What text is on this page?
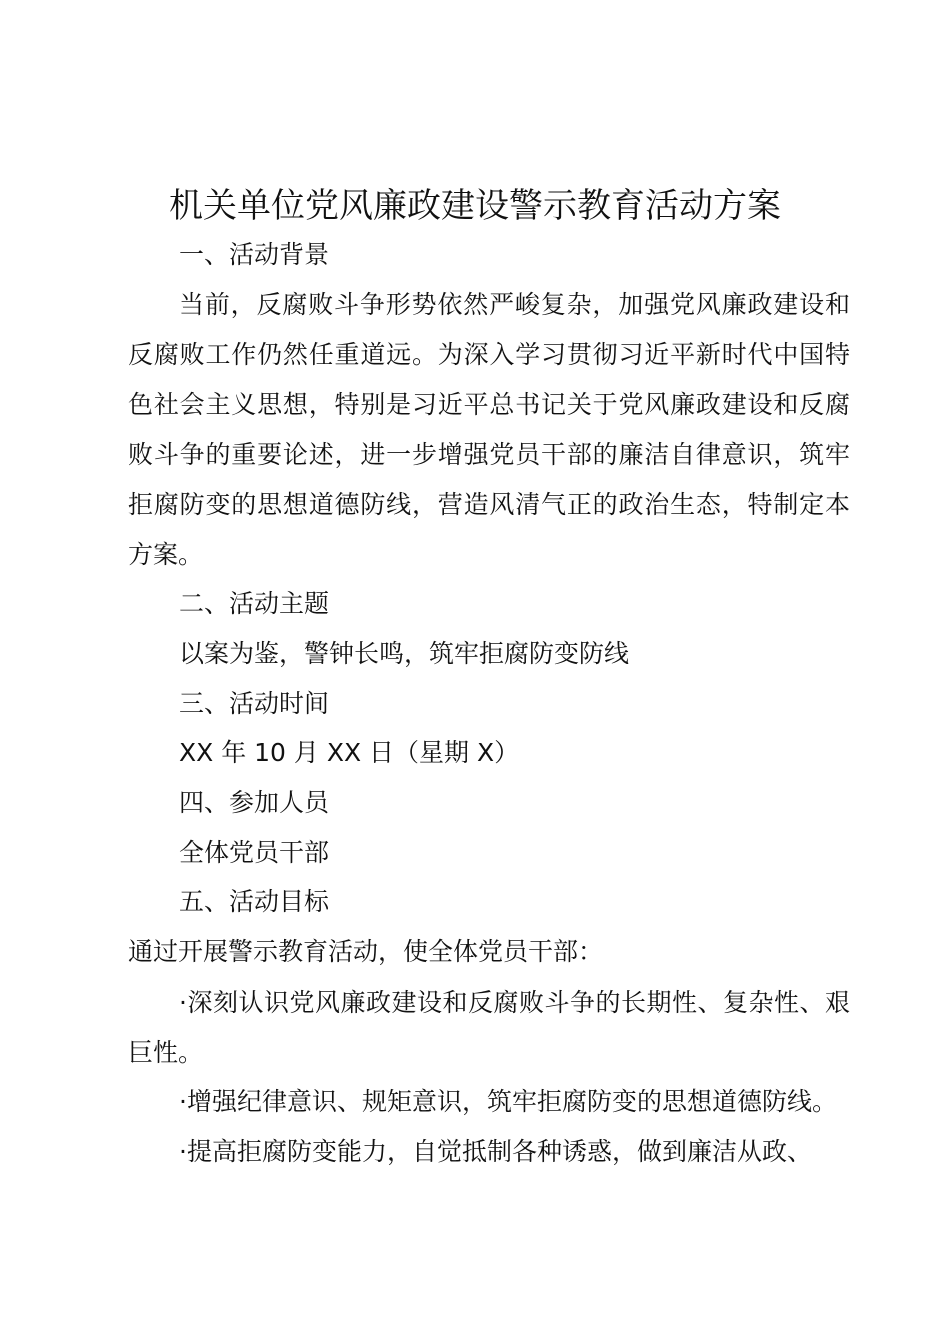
机关单位党风廉政建设警示教育活动方案
一、活动背景
当前，反腐败斗争形势依然严峻复杂，加强党风廉政建设和反腐败工作仍然任重道远。为深入学习贯彻习近平新时代中国特色社会主义思想，特别是习近平总书记关于党风廉政建设和反腐败斗争的重要论述，进一步增强党员干部的廉洁自律意识，筑牢拒腐防变的思想道德防线，营造风清气正的政治生态，特制定本方案。
二、活动主题
以案为鉴，警钟长鸣，筑牢拒腐防变防线
三、活动时间
XX 年 10 月 XX 日（星期 X）
四、参加人员
全体党员干部
五、活动目标
通过开展警示教育活动，使全体党员干部：
·深刻认识党风廉政建设和反腐败斗争的长期性、复杂性、艰巨性。
·增强纪律意识、规矩意识，筑牢拒腐防变的思想道德防线。
·提高拒腐防变能力，自觉抵制各种诱惑，做到廉洁从政、
